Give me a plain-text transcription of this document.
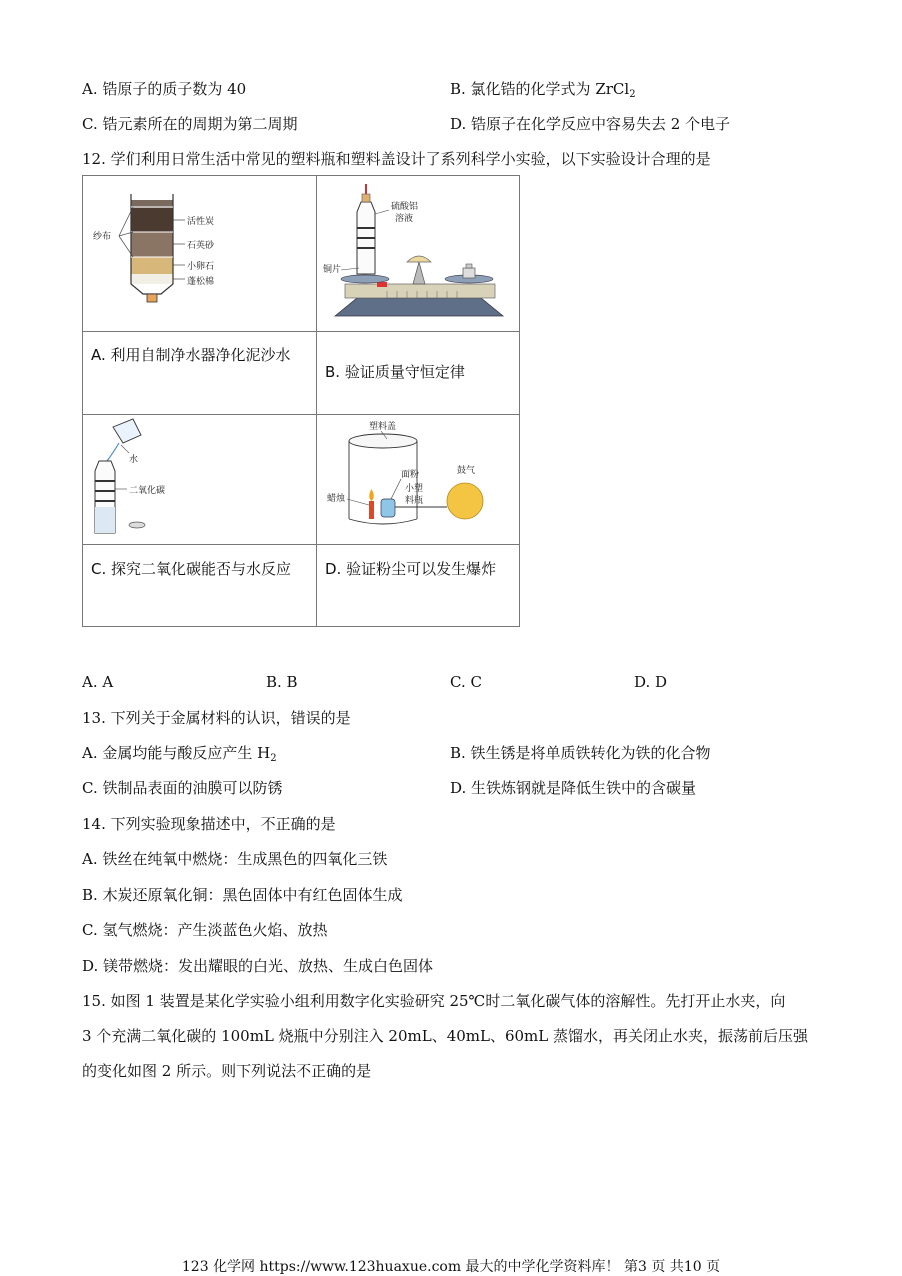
A. 锆原子的质子数为 40	B. 氯化锆的化学式为 ZrCl$_2$
C. 锆元素所在的周期为第二周期	D. 锆原子在化学反应中容易失去 2 个电子
12. 学们利用日常生活中常见的塑料瓶和塑料盖设计了系列科学小实验，以下实验设计合理的是
纱布
活性炭
石英砂
小卵石
蓬松棉
硫酸铝
溶液
铜片
A. 利用自制净水器净化泥沙水
B. 验证质量守恒定律
水
二氧化碳
塑料盖
面粉
小塑
料瓶
蜡烛
鼓气
C. 探究二氧化碳能否与水反应	D. 验证粉尘可以发生爆炸
A. A	B. B	C. C	D. D
13. 下列关于金属材料的认识，错误的是
A. 金属均能与酸反应产生 $H_2$	B. 铁生锈是将单质铁转化为铁的化合物
C. 铁制品表面的油膜可以防锈	D. 生铁炼钢就是降低生铁中的含碳量
14. 下列实验现象描述中，不正确的是
A. 铁丝在纯氧中燃烧：生成黑色的四氧化三铁
B. 木炭还原氧化铜：黑色固体中有红色固体生成
C. 氢气燃烧：产生淡蓝色火焰、放热
D. 镁带燃烧：发出耀眼的白光、放热、生成白色固体
15. 如图 1 装置是某化学实验小组利用数字化实验研究 25℃时二氧化碳气体的溶解性。先打开止水夹，向
3 个充满二氧化碳的 100mL 烧瓶中分别注入 20mL、40mL、60mL 蒸馏水，再关闭止水夹，振荡前后压强
的变化如图 2 所示。则下列说法不正确的是
123 化学网 https://www.123huaxue.com 最大的中学化学资料库！ 第3 页 共10 页
